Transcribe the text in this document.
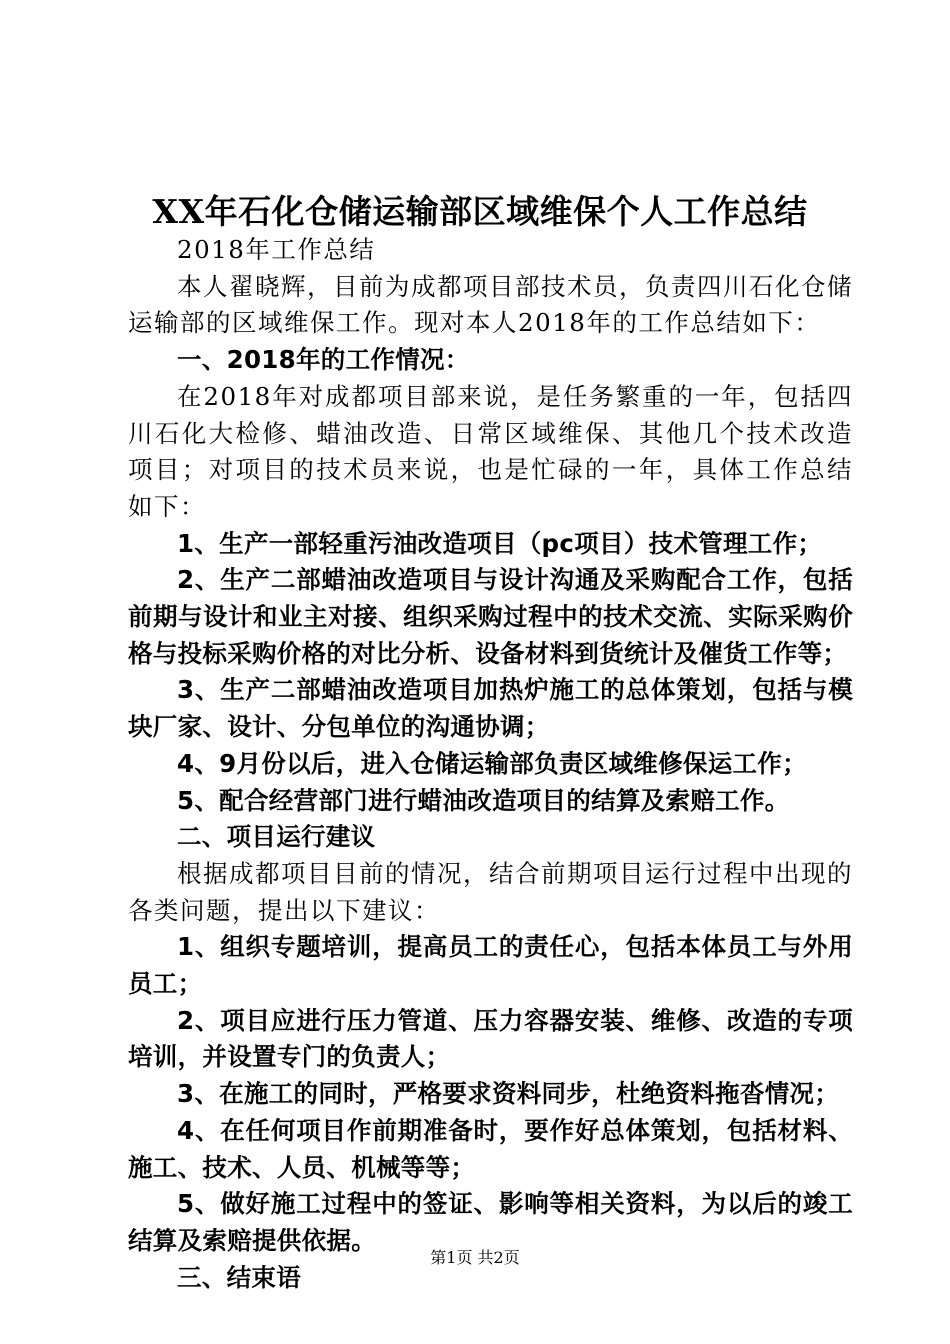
XX年石化仓储运输部区域维保个人工作总结

2018年工作总结

本人翟晓辉，目前为成都项目部技术员，负责四川石化仓储运输部的区域维保工作。现对本人2018年的工作总结如下：

一、2018年的工作情况：

在2018年对成都项目部来说，是任务繁重的一年，包括四川石化大检修、蜡油改造、日常区域维保、其他几个技术改造项目；对项目的技术员来说，也是忙碌的一年，具体工作总结如下：

1、生产一部轻重污油改造项目（pc项目）技术管理工作；

2、生产二部蜡油改造项目与设计沟通及采购配合工作，包括前期与设计和业主对接、组织采购过程中的技术交流、实际采购价格与投标采购价格的对比分析、设备材料到货统计及催货工作等；

3、生产二部蜡油改造项目加热炉施工的总体策划，包括与模块厂家、设计、分包单位的沟通协调；

4、9月份以后，进入仓储运输部负责区域维修保运工作；

5、配合经营部门进行蜡油改造项目的结算及索赔工作。

二、项目运行建议

根据成都项目目前的情况，结合前期项目运行过程中出现的各类问题，提出以下建议：

1、组织专题培训，提高员工的责任心，包括本体员工与外用员工；

2、项目应进行压力管道、压力容器安装、维修、改造的专项培训，并设置专门的负责人；

3、在施工的同时，严格要求资料同步，杜绝资料拖沓情况；

4、在任何项目作前期准备时，要作好总体策划，包括材料、施工、技术、人员、机械等等；

5、做好施工过程中的签证、影响等相关资料，为以后的竣工结算及索赔提供依据。

三、结束语

第1页 共2页
